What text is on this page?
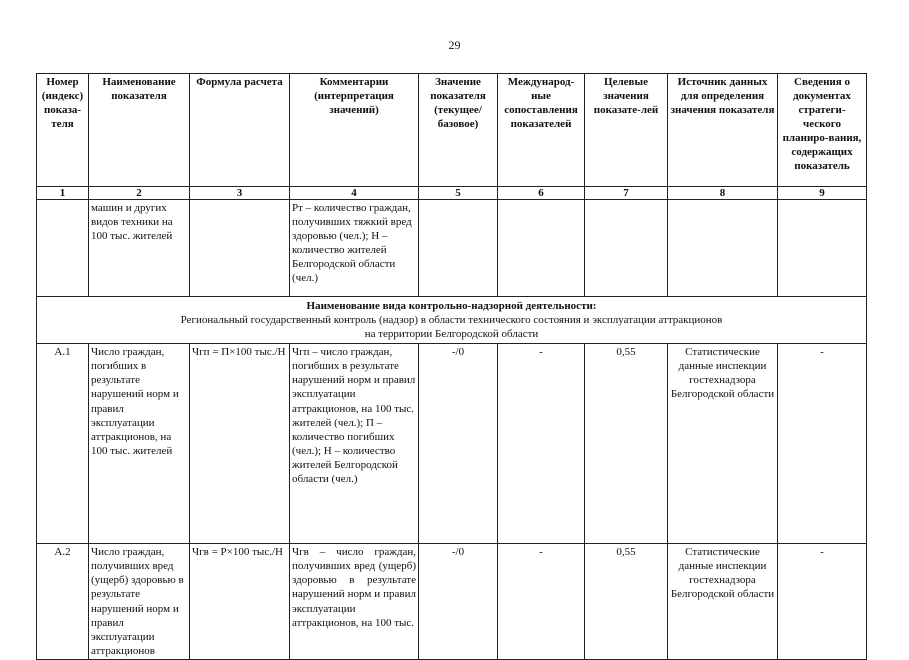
29
Номер (индекс) показа-теля	Наименование показателя	Формула расчета	Комментарии (интерпретация значений)	Значение показателя (текущее/ базовое)	Международ-ные сопоставления показателей	Целевые значения показате-лей	Источник данных для определения значения показателя	Сведения о документах стратеги-ческого планиро-вания, содержащих показатель
1	2	3	4	5	6	7	8	9
	машин и других видов техники на 100 тыс. жителей		Рт – количество граждан, получивших тяжкий вред здоровью (чел.); Н – количество жителей Белгородской области (чел.)					

Наименование вида контрольно-надзорной деятельности:
Региональный государственный контроль (надзор) в области технического состояния и эксплуатации аттракционов
на территории Белгородской области								

А.1	Число граждан, погибших в результате нарушений норм и правил эксплуатации аттракционов, на 100 тыс. жителей	Чгп = П×100 тыс./Н	Чгп – число граждан, погибших в результате нарушений норм и правил эксплуатации аттракционов, на 100 тыс. жителей (чел.); П – количество погибших (чел.); Н – количество жителей Белгородской области (чел.)	-/0	-	0,55	Статистические данные инспекции гостехнадзора Белгородской области	-
А.2	Число граждан, получивших вред (ущерб) здоровью в результате нарушений норм и правил эксплуатации аттракционов	Чгв = Р×100 тыс./Н	Чгв – число граждан, получивших вред (ущерб) здоровью в результате нарушений норм и правил эксплуатации аттракционов, на 100 тыс.	-/0	-	0,55	Статистические данные инспекции гостехнадзора Белгородской области	-
